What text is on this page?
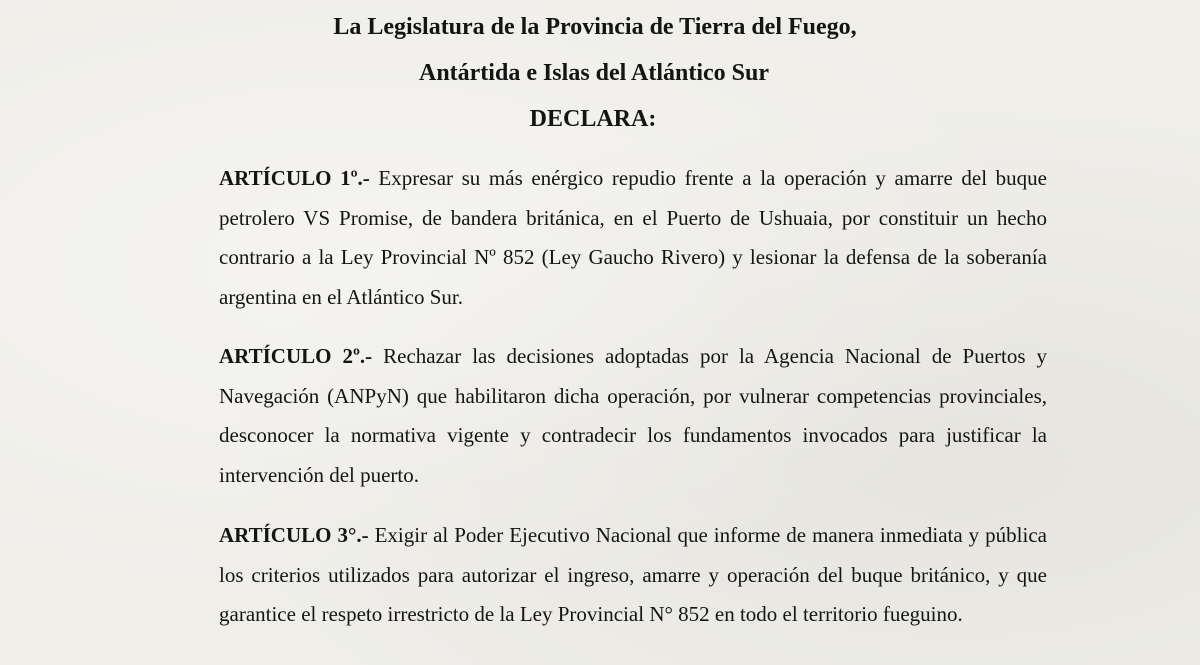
La Legislatura de la Provincia de Tierra del Fuego,
Antártida e Islas del Atlántico Sur
DECLARA:

ARTÍCULO 1º.- Expresar su más enérgico repudio frente a la operación y amarre del buque petrolero VS Promise, de bandera británica, en el Puerto de Ushuaia, por constituir un hecho contrario a la Ley Provincial Nº 852 (Ley Gaucho Rivero) y lesionar la defensa de la soberanía argentina en el Atlántico Sur.

ARTÍCULO 2º.- Rechazar las decisiones adoptadas por la Agencia Nacional de Puertos y Navegación (ANPyN) que habilitaron dicha operación, por vulnerar competencias provinciales, desconocer la normativa vigente y contradecir los fundamentos invocados para justificar la intervención del puerto.

ARTÍCULO 3°.- Exigir al Poder Ejecutivo Nacional que informe de manera inmediata y pública los criterios utilizados para autorizar el ingreso, amarre y operación del buque británico, y que garantice el respeto irrestricto de la Ley Provincial N° 852 en todo el territorio fueguino.
